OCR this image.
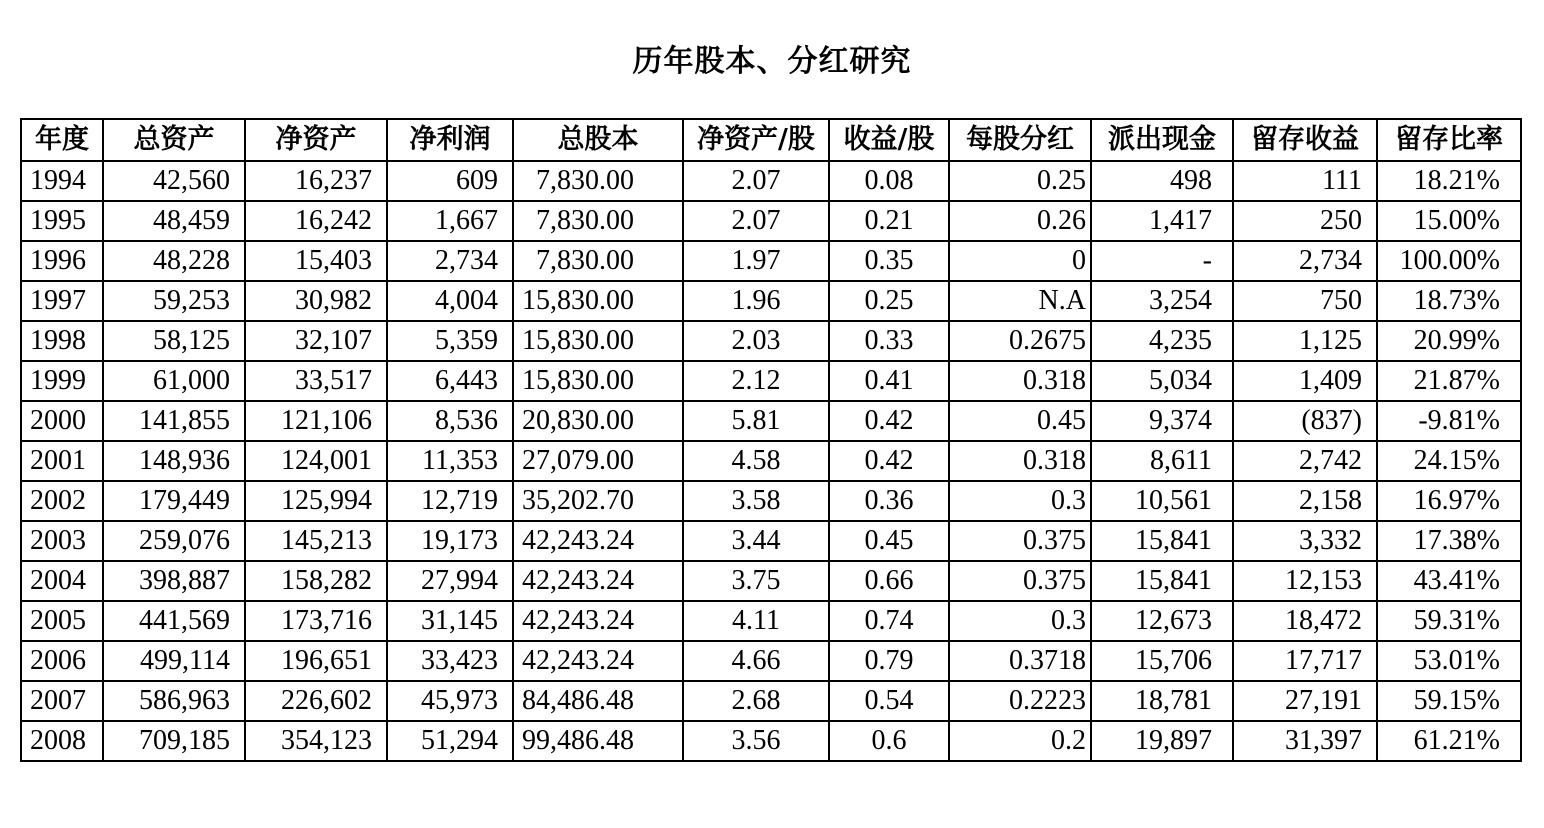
历年股本、分红研究
年度	总资产	净资产	净利润	总股本	净资产/股	收益/股	每股分红	派出现金	留存收益	留存比率
1994	42,560	16,237	609	7,830.00	2.07	0.08	0.25	498	111	18.21%
1995	48,459	16,242	1,667	7,830.00	2.07	0.21	0.26	1,417	250	15.00%
1996	48,228	15,403	2,734	7,830.00	1.97	0.35	0	-	2,734	100.00%
1997	59,253	30,982	4,004	15,830.00	1.96	0.25	N.A	3,254	750	18.73%
1998	58,125	32,107	5,359	15,830.00	2.03	0.33	0.2675	4,235	1,125	20.99%
1999	61,000	33,517	6,443	15,830.00	2.12	0.41	0.318	5,034	1,409	21.87%
2000	141,855	121,106	8,536	20,830.00	5.81	0.42	0.45	9,374	(837)	-9.81%
2001	148,936	124,001	11,353	27,079.00	4.58	0.42	0.318	8,611	2,742	24.15%
2002	179,449	125,994	12,719	35,202.70	3.58	0.36	0.3	10,561	2,158	16.97%
2003	259,076	145,213	19,173	42,243.24	3.44	0.45	0.375	15,841	3,332	17.38%
2004	398,887	158,282	27,994	42,243.24	3.75	0.66	0.375	15,841	12,153	43.41%
2005	441,569	173,716	31,145	42,243.24	4.11	0.74	0.3	12,673	18,472	59.31%
2006	499,114	196,651	33,423	42,243.24	4.66	0.79	0.3718	15,706	17,717	53.01%
2007	586,963	226,602	45,973	84,486.48	2.68	0.54	0.2223	18,781	27,191	59.15%
2008	709,185	354,123	51,294	99,486.48	3.56	0.6	0.2	19,897	31,397	61.21%
